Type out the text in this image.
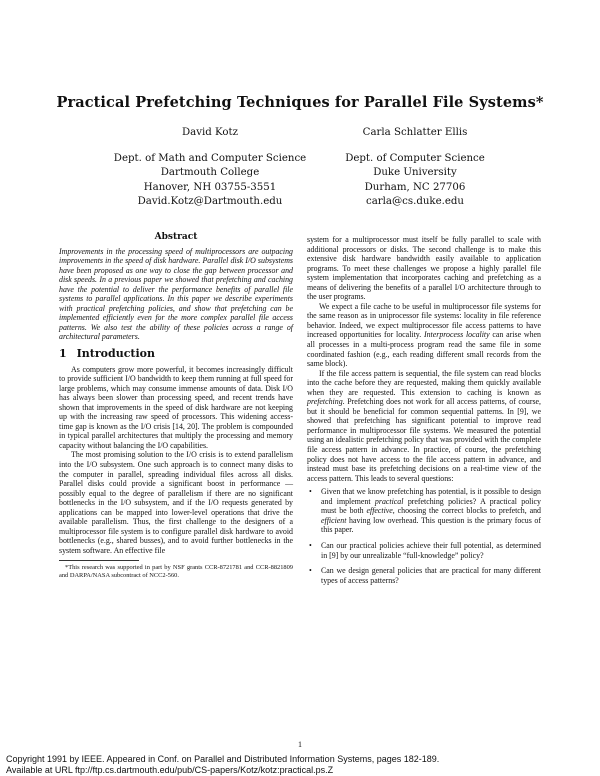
Practical Prefetching Techniques for Parallel File Systems*
David Kotz
Dept. of Math and Computer Science
Dartmouth College
Hanover, NH 03755-3551
David.Kotz@Dartmouth.edu
Carla Schlatter Ellis
Dept. of Computer Science
Duke University
Durham, NC 27706
carla@cs.duke.edu
Abstract

Improvements in the processing speed of multiprocessors are outpacing improvements in the speed of disk hardware. Parallel disk I/O subsystems have been proposed as one way to close the gap between processor and disk speeds. In a previous paper we showed that prefetching and caching have the potential to deliver the performance benefits of parallel file systems to parallel applications. In this paper we describe experiments with practical prefetching policies, and show that prefetching can be implemented efficiently even for the more complex parallel file access patterns. We also test the ability of these policies across a range of architectural parameters.

1 Introduction

As computers grow more powerful, it becomes increasingly difficult to provide sufficient I/O bandwidth to keep them running at full speed for large problems, which may consume immense amounts of data. Disk I/O has always been slower than processing speed, and recent trends have shown that improvements in the speed of disk hardware are not keeping up with the increasing raw speed of processors. This widening access-time gap is known as the I/O crisis [14, 20]. The problem is compounded in typical parallel architectures that multiply the processing and memory capacity without balancing the I/O capabilities.

The most promising solution to the I/O crisis is to extend parallelism into the I/O subsystem. One such approach is to connect many disks to the computer in parallel, spreading individual files across all disks. Parallel disks could provide a significant boost in performance — possibly equal to the degree of parallelism if there are no significant bottlenecks in the I/O subsystem, and if the I/O requests generated by applications can be mapped into lower-level operations that drive the available parallelism. Thus, the first challenge to the designers of a multiprocessor file system is to configure parallel disk hardware to avoid bottlenecks (e.g., shared busses), and to avoid further bottlenecks in the system software. An effective file

*This research was supported in part by NSF grants CCR-8721781 and CCR-8821809 and DARPA/NASA subcontract of NCC2-560.

system for a multiprocessor must itself be fully parallel to scale with additional processors or disks. The second challenge is to make this extensive disk hardware bandwidth easily available to application programs. To meet these challenges we propose a highly parallel file system implementation that incorporates caching and prefetching as a means of delivering the benefits of a parallel I/O architecture through to the user programs.

We expect a file cache to be useful in multiprocessor file systems for the same reason as in uniprocessor file systems: locality in file reference behavior. Indeed, we expect multiprocessor file access patterns to have increased opportunities for locality. Interprocess locality can arise when all processes in a multi-process program read the same file in some coordinated fashion (e.g., each reading different small records from the same block).

If the file access pattern is sequential, the file system can read blocks into the cache before they are requested, making them quickly available when they are requested. This extension to caching is known as prefetching. Prefetching does not work for all access patterns, of course, but it should be beneficial for common sequential patterns. In [9], we showed that prefetching has significant potential to improve read performance in multiprocessor file systems. We measured the potential using an idealistic prefetching policy that was provided with the complete file access pattern in advance. In practice, of course, the prefetching policy does not have access to the file access pattern in advance, and instead must base its prefetching decisions on a real-time view of the access pattern. This leads to several questions:

• Given that we know prefetching has potential, is it possible to design and implement practical prefetching policies? A practical policy must be both effective, choosing the correct blocks to prefetch, and efficient having low overhead. This question is the primary focus of this paper.
• Can our practical policies achieve their full potential, as determined in [9] by our unrealizable “full-knowledge” policy?
• Can we design general policies that are practical for many different types of access patterns?
1
Copyright 1991 by IEEE. Appeared in Conf. on Parallel and Distributed Information Systems, pages 182-189.
Available at URL ftp://ftp.cs.dartmouth.edu/pub/CS-papers/Kotz/kotz:practical.ps.Z
